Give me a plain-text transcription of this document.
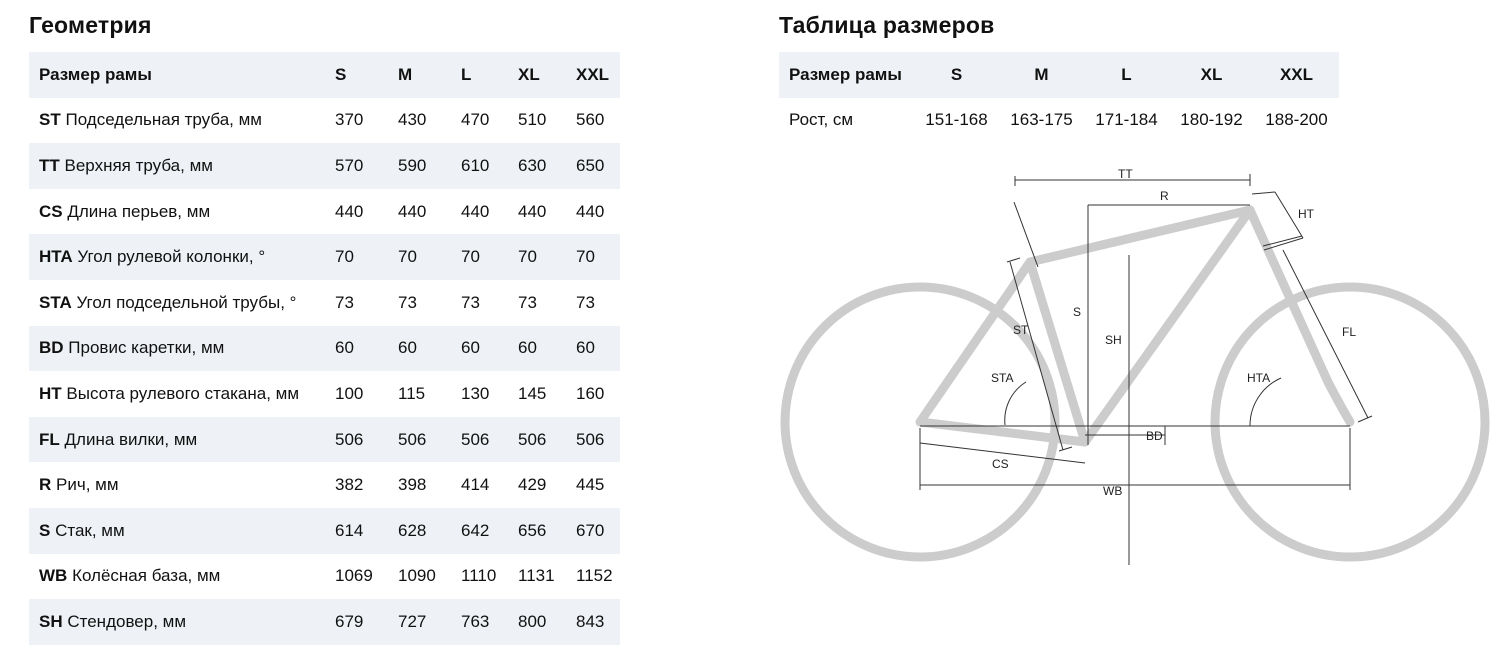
Геометрия
Размер рамы	S	M	L	XL	XXL
ST Подседельная труба, мм	370	430	470	510	560
TT Верхняя труба, мм	570	590	610	630	650
CS Длина перьев, мм	440	440	440	440	440
HTA Угол рулевой колонки, °	70	70	70	70	70
STA Угол подседельной трубы, °	73	73	73	73	73
BD Провис каретки, мм	60	60	60	60	60
HT Высота рулевого стакана, мм	100	115	130	145	160
FL Длина вилки, мм	506	506	506	506	506
R Рич, мм	382	398	414	429	445
S Стак, мм	614	628	642	656	670
WB Колёсная база, мм	1069	1090	1110	1131	1152
SH Стендовер, мм	679	727	763	800	843
Таблица размеров
Размер рамы	S	M	L	XL	XXL
Рост, см	151-168	163-175	171-184	180-192	188-200
TT
R
HT
ST
S
SH
FL
STA	HTA
BD
CS
WB
